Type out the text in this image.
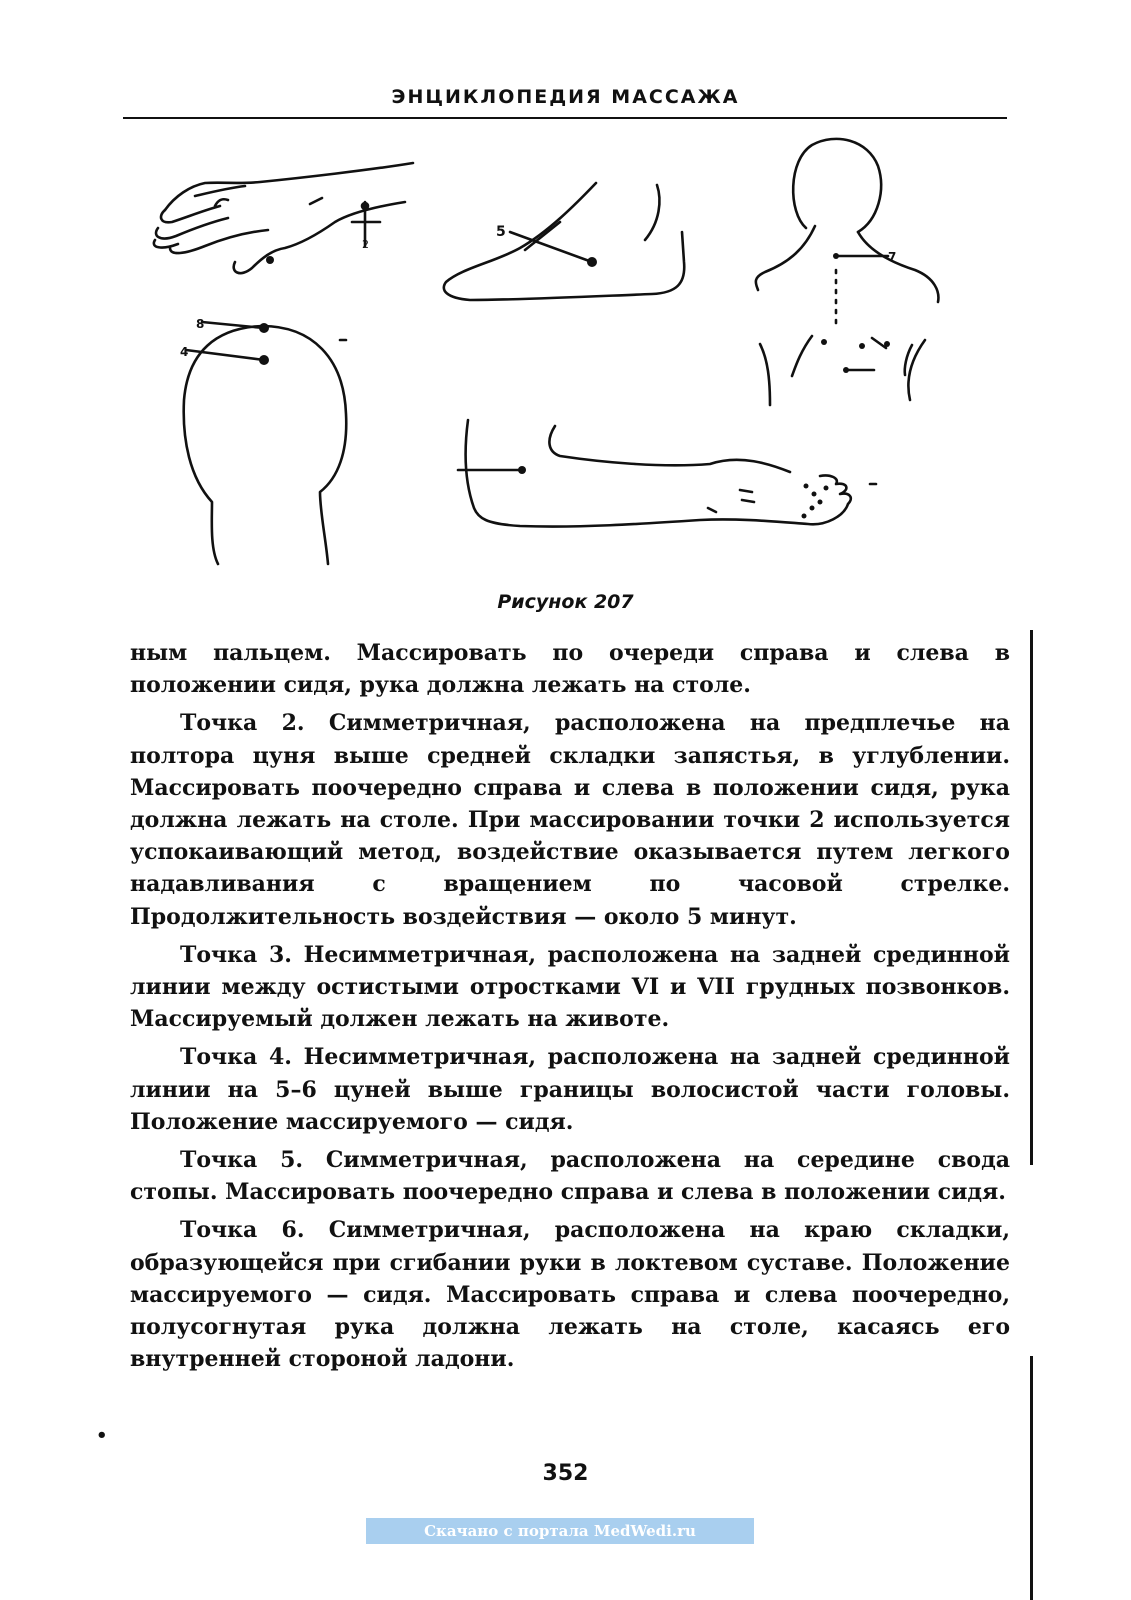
ЭНЦИКЛОПЕДИЯ МАССАЖА
2
5
7
8
4
Рисунок 207

ным пальцем. Массировать по очереди справа и слева в положении сидя, рука должна лежать на столе.

Точка 2. Симметричная, расположена на предплечье на полтора цуня выше средней складки запястья, в углублении. Массировать поочередно справа и слева в положении сидя, рука должна лежать на столе. При массировании точки 2 используется успокаивающий метод, воздействие оказывается путем легкого надавливания с вращением по часовой стрелке. Продолжительность воздействия — около 5 минут.

Точка 3. Несимметричная, расположена на задней срединной линии между остистыми отростками VI и VII грудных позвонков. Массируемый должен лежать на животе.

Точка 4. Несимметричная, расположена на задней срединной линии на 5–6 цуней выше границы волосистой части головы. Положение массируемого — сидя.

Точка 5. Симметричная, расположена на середине свода стопы. Массировать поочередно справа и слева в положении сидя.

Точка 6. Симметричная, расположена на краю складки, образующейся при сгибании руки в локтевом суставе. Положение массируемого — сидя. Массировать справа и слева поочередно, полусогнутая рука должна лежать на столе, касаясь его внутренней стороной ладони.

•
352
Скачано с портала MedWedi.ru
